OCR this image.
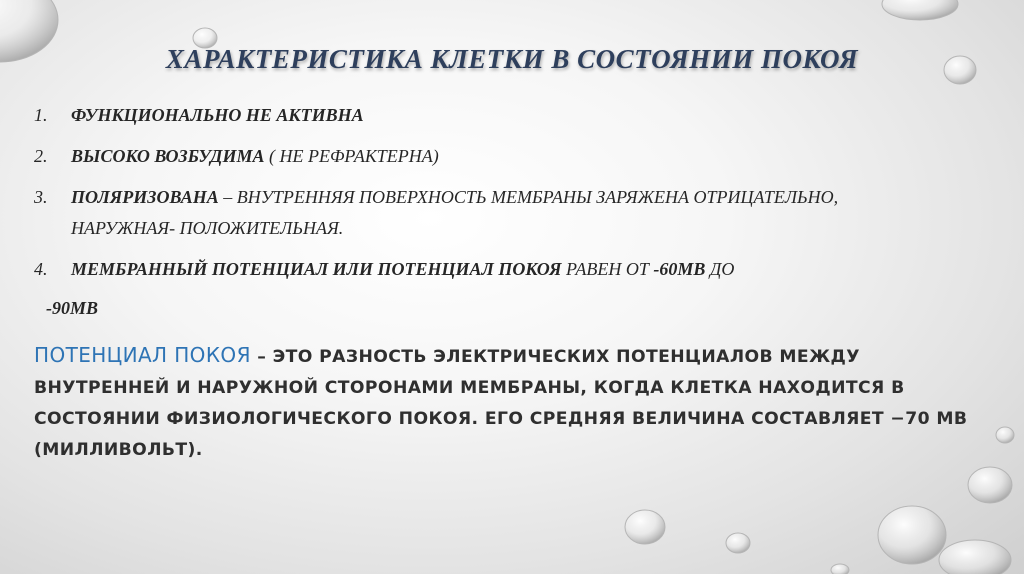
ХАРАКТЕРИСТИКА КЛЕТКИ В СОСТОЯНИИ ПОКОЯ
1. ФУНКЦИОНАЛЬНО НЕ АКТИВНА
2. ВЫСОКО ВОЗБУДИМА ( НЕ РЕФРАКТЕРНА)
3. ПОЛЯРИЗОВАНА – ВНУТРЕННЯЯ ПОВЕРХНОСТЬ МЕМБРАНЫ ЗАРЯЖЕНА ОТРИЦАТЕЛЬНО, НАРУЖНАЯ- ПОЛОЖИТЕЛЬНАЯ.
4. МЕМБРАННЫЙ ПОТЕНЦИАЛ ИЛИ ПОТЕНЦИАЛ ПОКОЯ РАВЕН ОТ -60МВ ДО
-90МВ
ПОТЕНЦИАЛ ПОКОЯ – ЭТО РАЗНОСТЬ ЭЛЕКТРИЧЕСКИХ ПОТЕНЦИАЛОВ МЕЖДУ ВНУТРЕННЕЙ И НАРУЖНОЙ СТОРОНАМИ МЕМБРАНЫ, КОГДА КЛЕТКА НАХОДИТСЯ В СОСТОЯНИИ ФИЗИОЛОГИЧЕСКОГО ПОКОЯ. ЕГО СРЕДНЯЯ ВЕЛИЧИНА СОСТАВЛЯЕТ −70 МВ (МИЛЛИВОЛЬТ).
